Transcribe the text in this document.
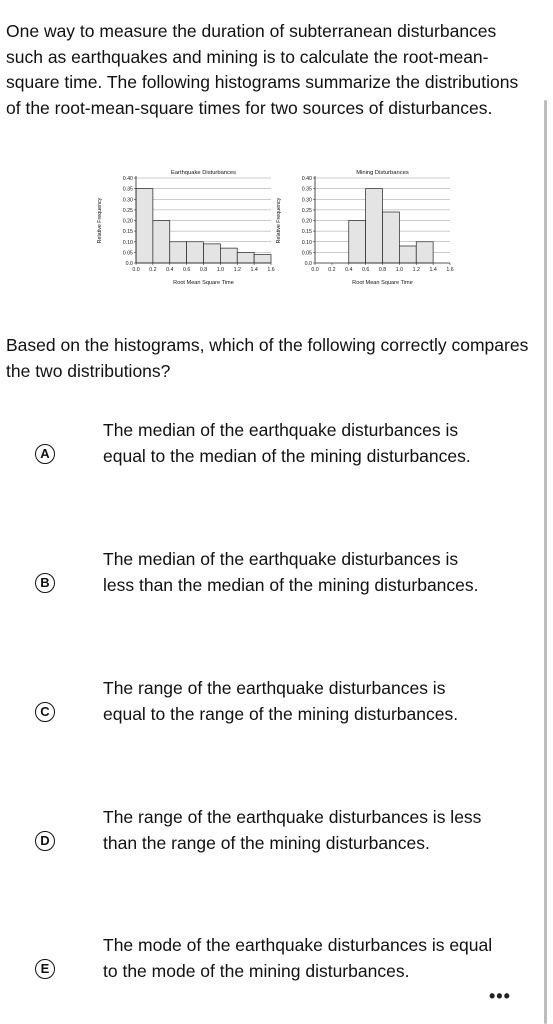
One way to measure the duration of subterranean disturbances such as earthquakes and mining is to calculate the root-mean-square time. The following histograms summarize the distributions of the root-mean-square times for two sources of disturbances.

0.0
0.05
0.10
0.15
0.20
0.25
0.30
0.35
0.40
0.0 0.2 0.4 0.6 0.8 1.0 1.2 1.4 1.6
Earthquake Disturbances
Root Mean Square Time
Relative Frequency
0.0
0.05
0.10
0.15
0.20
0.25
0.30
0.35
0.40
0.0 0.2 0.4 0.6 0.8 1.0 1.2 1.4 1.6
Mining Disturbances
Root Mean Square Time
Relative Frequency

Based on the histograms, which of the following correctly compares the two distributions?

A
The median of the earthquake disturbances is equal to the median of the mining disturbances.
B
The median of the earthquake disturbances is less than the median of the mining disturbances.
C
The range of the earthquake disturbances is equal to the range of the mining disturbances.
D
The range of the earthquake disturbances is less than the range of the mining disturbances.
E
The mode of the earthquake disturbances is equal to the mode of the mining disturbances.
•••
